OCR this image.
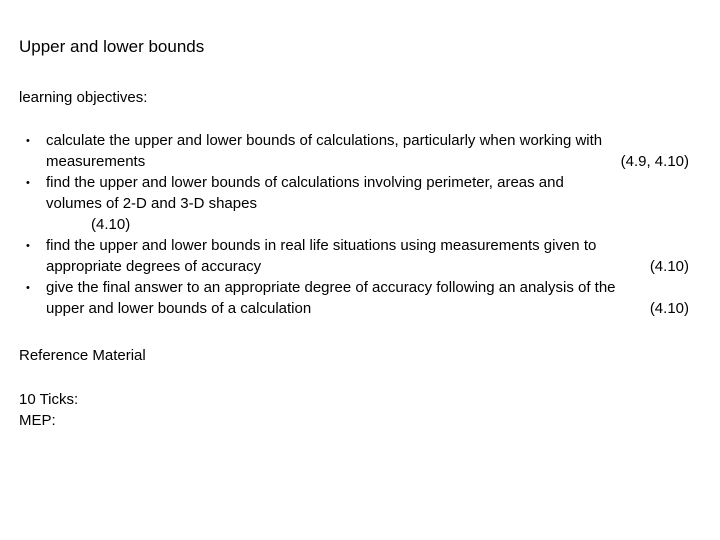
Upper and lower bounds
learning objectives:
• calculate the upper and lower bounds of calculations, particularly when working with
measurements	(4.9, 4.10)
• find the upper and lower bounds of calculations involving perimeter, areas and
volumes of 2-D and 3-D shapes
(4.10)
• find the upper and lower bounds in real life situations using measurements given to
appropriate degrees of accuracy	(4.10)
• give the final answer to an appropriate degree of accuracy following an analysis of the
upper and lower bounds of a calculation	(4.10)
Reference Material
10 Ticks:
MEP:
